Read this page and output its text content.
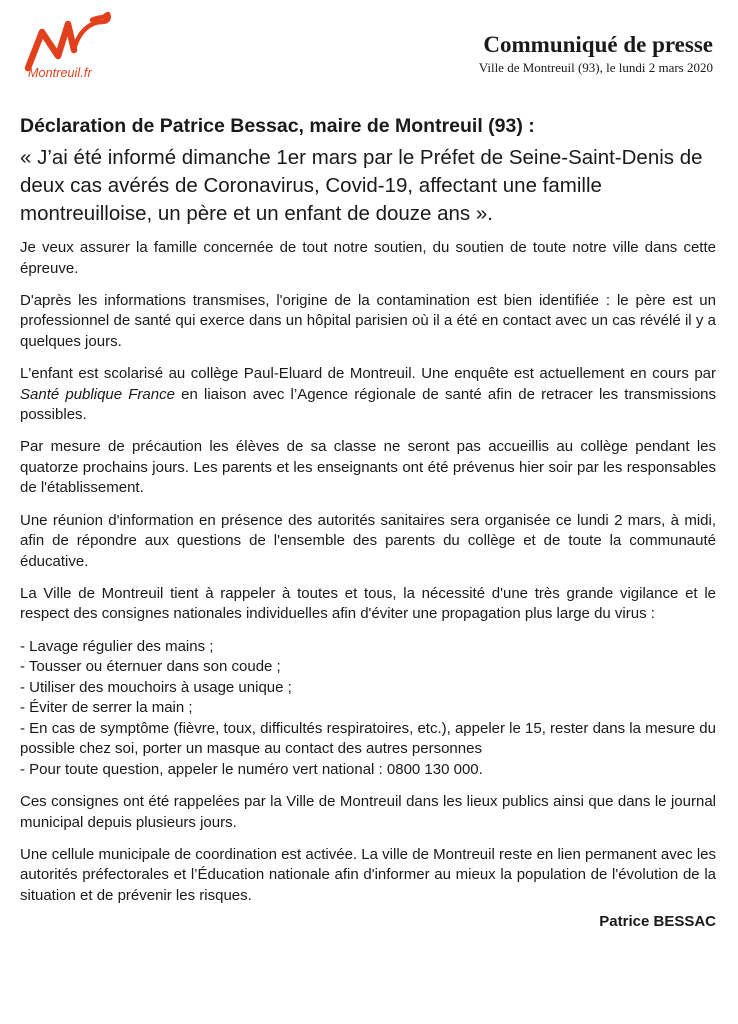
Montreuil.fr
Communiqué de presse
Ville de Montreuil (93), le lundi 2 mars 2020
Déclaration de Patrice Bessac, maire de Montreuil (93) :

« J’ai été informé dimanche 1er mars par le Préfet de Seine-Saint-Denis de deux cas avérés de Coronavirus, Covid-19, affectant une famille montreuilloise, un père et un enfant de douze ans ».

Je veux assurer la famille concernée de tout notre soutien, du soutien de toute notre ville dans cette épreuve.

D'après les informations transmises, l'origine de la contamination est bien identifiée : le père est un professionnel de santé qui exerce dans un hôpital parisien où il a été en contact avec un cas révélé il y a quelques jours.

L'enfant est scolarisé au collège Paul-Eluard de Montreuil. Une enquête est actuellement en cours par Santé publique France en liaison avec l’Agence régionale de santé afin de retracer les transmissions possibles.

Par mesure de précaution les élèves de sa classe ne seront pas accueillis au collège pendant les quatorze prochains jours. Les parents et les enseignants ont été prévenus hier soir par les responsables de l'établissement.

Une réunion d'information en présence des autorités sanitaires sera organisée ce lundi 2 mars, à midi, afin de répondre aux questions de l'ensemble des parents du collège et de toute la communauté éducative.

La Ville de Montreuil tient à rappeler à toutes et tous, la nécessité d'une très grande vigilance et le respect des consignes nationales individuelles afin d'éviter une propagation plus large du virus :

- Lavage régulier des mains ;
- Tousser ou éternuer dans son coude ;
- Utiliser des mouchoirs à usage unique ;
- Éviter de serrer la main ;
- En cas de symptôme (fièvre, toux, difficultés respiratoires, etc.), appeler le 15, rester dans la mesure du possible chez soi, porter un masque au contact des autres personnes
- Pour toute question, appeler le numéro vert national : 0800 130 000.

Ces consignes ont été rappelées par la Ville de Montreuil dans les lieux publics ainsi que dans le journal municipal depuis plusieurs jours.

Une cellule municipale de coordination est activée. La ville de Montreuil reste en lien permanent avec les autorités préfectorales et l’Éducation nationale afin d'informer au mieux la population de l'évolution de la situation et de prévenir les risques.

Patrice BESSAC
